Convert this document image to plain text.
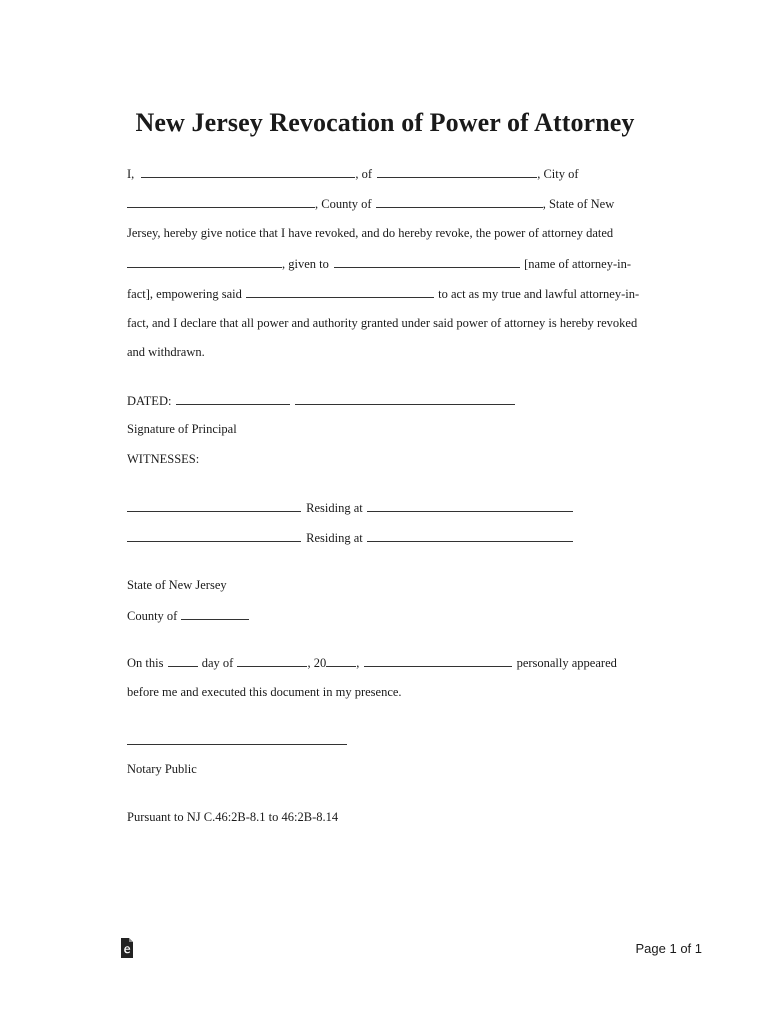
New Jersey Revocation of Power of Attorney
I,	, of	, City of
, County of	, State of New
Jersey, hereby give notice that I have revoked, and do hereby revoke, the power of attorney dated
, given to	[name of attorney-in-
fact], empowering said	to act as my true and lawful attorney-in-
fact, and I declare that all power and authority granted under said power of attorney is hereby revoked
and withdrawn.
DATED:
Signature of Principal
WITNESSES:
Residing at
Residing at
State of New Jersey
County of
On this	day of	, 20 ,	personally appeared
before me and executed this document in my presence.
Notary Public
Pursuant to NJ C.46:2B-8.1 to 46:2B-8.14
Page 1 of 1
